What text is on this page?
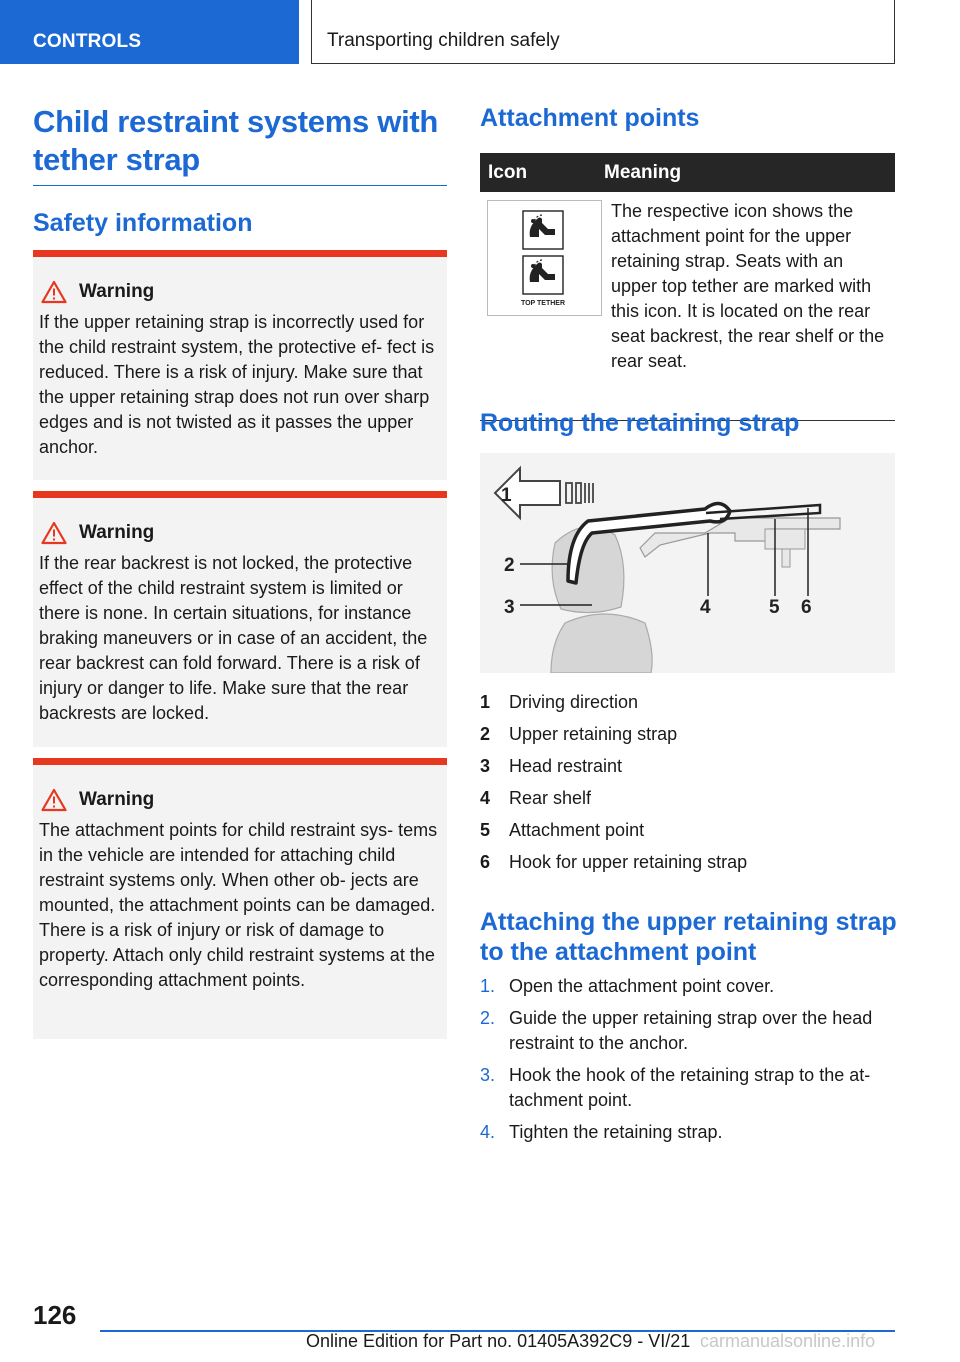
CONTROLS	Transporting children safely
Child restraint systems with tether strap
Safety information
Warning

If the upper retaining strap is incorrectly used for the child restraint system, the protective ef‐ fect is reduced. There is a risk of injury. Make sure that the upper retaining strap does not run over sharp edges and is not twisted as it passes the upper anchor.

Warning

If the rear backrest is not locked, the protective effect of the child restraint system is limited or there is none. In certain situations, for instance braking maneuvers or in case of an accident, the rear backrest can fold forward. There is a risk of injury or danger to life. Make sure that the rear backrests are locked.

Warning

The attachment points for child restraint sys‐ tems in the vehicle are intended for attaching child restraint systems only. When other ob‐ jects are mounted, the attachment points can be damaged. There is a risk of injury or risk of damage to property. Attach only child restraint systems at the corresponding attachment points.

Attachment points
Icon	Meaning
TOP TETHER
The respective icon shows the attachment point for the upper retaining strap. Seats with an upper top tether are marked with this icon. It is located on the rear seat backrest, the rear shelf or the rear seat.
Routing the retaining strap
1
2
3	4	5 6
1	Driving direction
2	Upper retaining strap
3	Head restraint
4	Rear shelf
5	Attachment point
6	Hook for upper retaining strap
Attaching the upper retaining strap to the attachment point
1. Open the attachment point cover.
2. Guide the upper retaining strap over the head restraint to the anchor.
3. Hook the hook of the retaining strap to the at‐ tachment point.
4. Tighten the retaining strap.
126
Online Edition for Part no. 01405A392C9 - VI/21 carmanualsonline.info
